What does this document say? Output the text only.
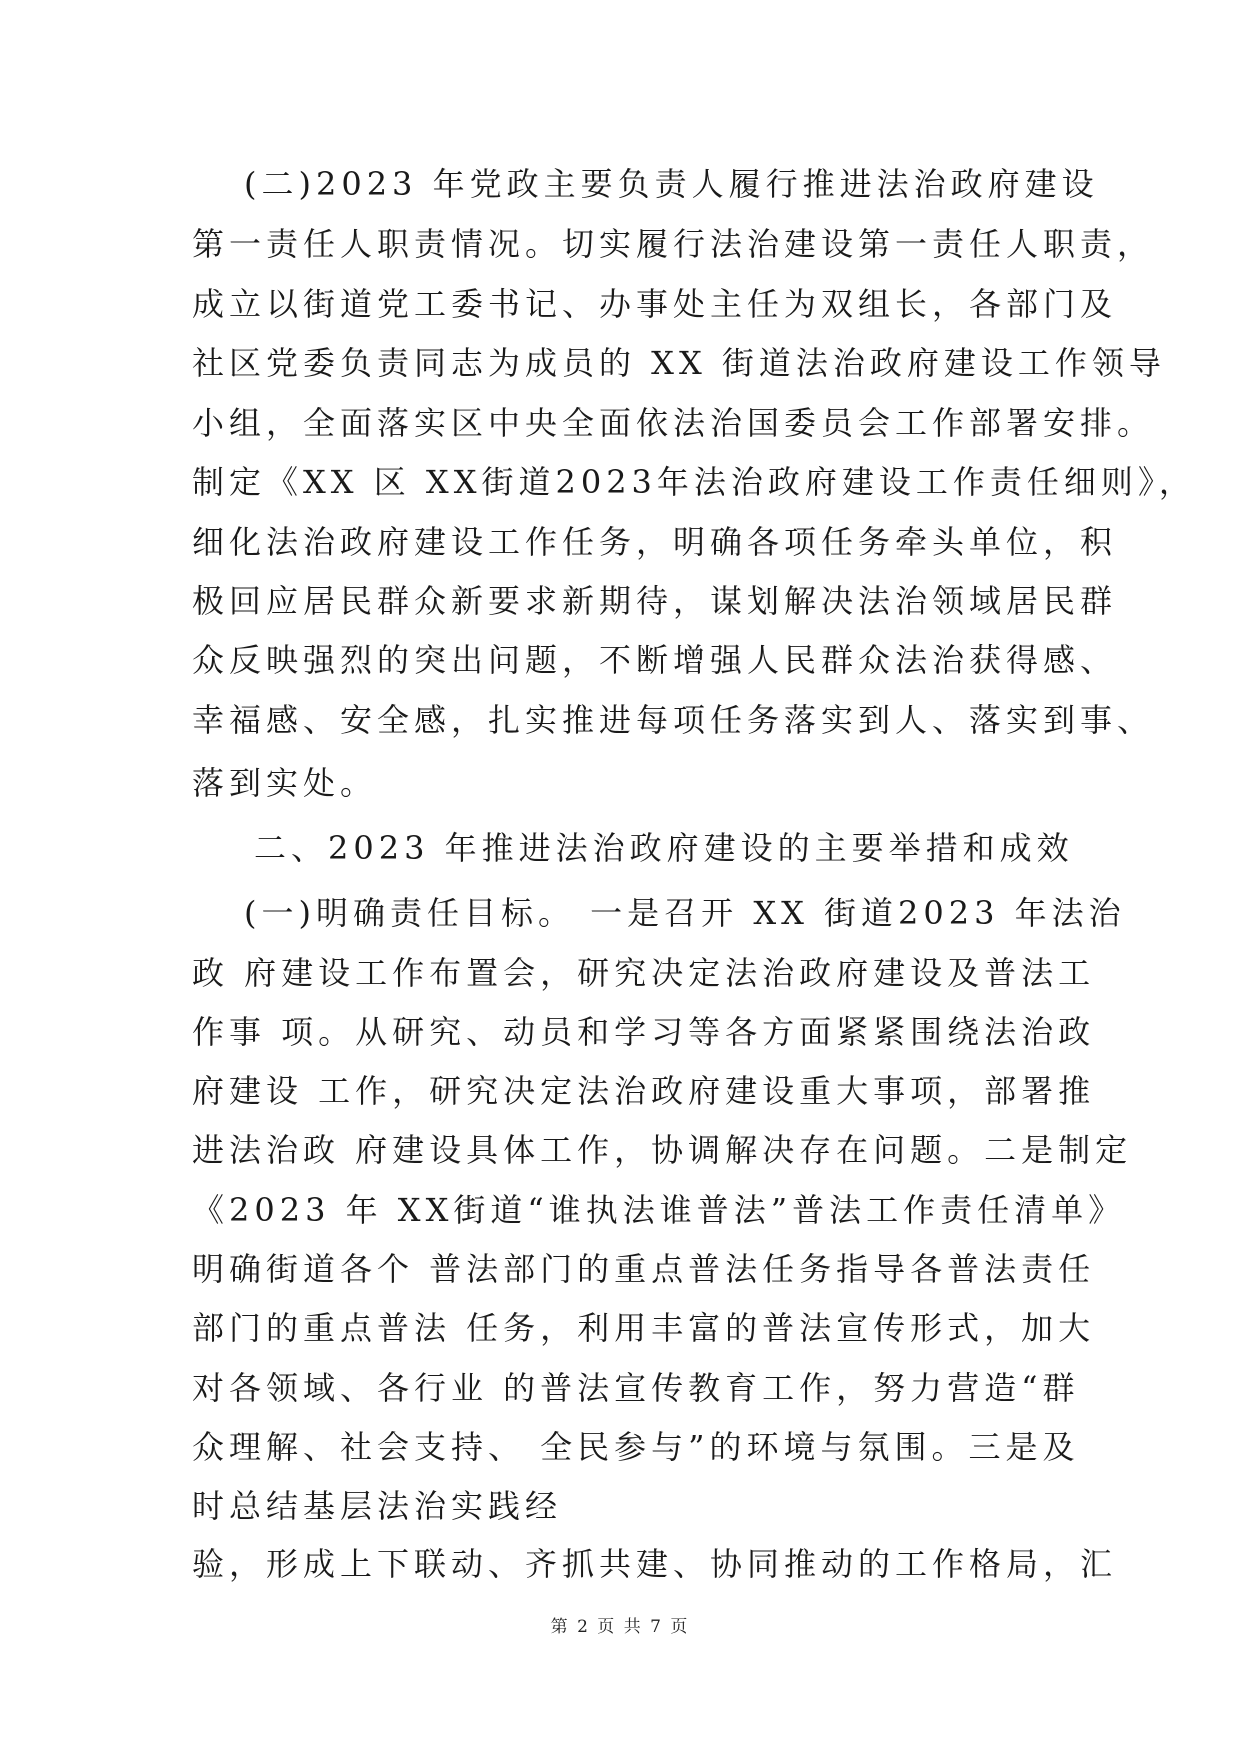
(二)2023 年党政主要负责人履行推进法治政府建设

第一责任人职责情况。切实履行法治建设第一责任人职责，

成立以街道党工委书记、办事处主任为双组长，各部门及

社区党委负责同志为成员的 XX 街道法治政府建设工作领导

小组，全面落实区中央全面依法治国委员会工作部署安排。

制定《XX 区 XX街道2023年法治政府建设工作责任细则》，

细化法治政府建设工作任务，明确各项任务牵头单位，积

极回应居民群众新要求新期待，谋划解决法治领域居民群

众反映强烈的突出问题，不断增强人民群众法治获得感、

幸福感、安全感，扎实推进每项任务落实到人、落实到事、

落到实处。

二、2023 年推进法治政府建设的主要举措和成效

(一)明确责任目标。 一是召开 XX 街道2023 年法治

政 府建设工作布置会，研究决定法治政府建设及普法工

作事 项。从研究、动员和学习等各方面紧紧围绕法治政

府建设 工作，研究决定法治政府建设重大事项，部署推

进法治政 府建设具体工作，协调解决存在问题。二是制定

《2023 年 XX街道“谁执法谁普法”普法工作责任清单》

明确街道各个 普法部门的重点普法任务指导各普法责任

部门的重点普法 任务，利用丰富的普法宣传形式，加大

对各领域、各行业 的普法宣传教育工作，努力营造“群

众理解、社会支持、 全民参与”的环境与氛围。三是及

时总结基层法治实践经

验，形成上下联动、齐抓共建、协同推动的工作格局，汇

第 2 页 共 7 页
